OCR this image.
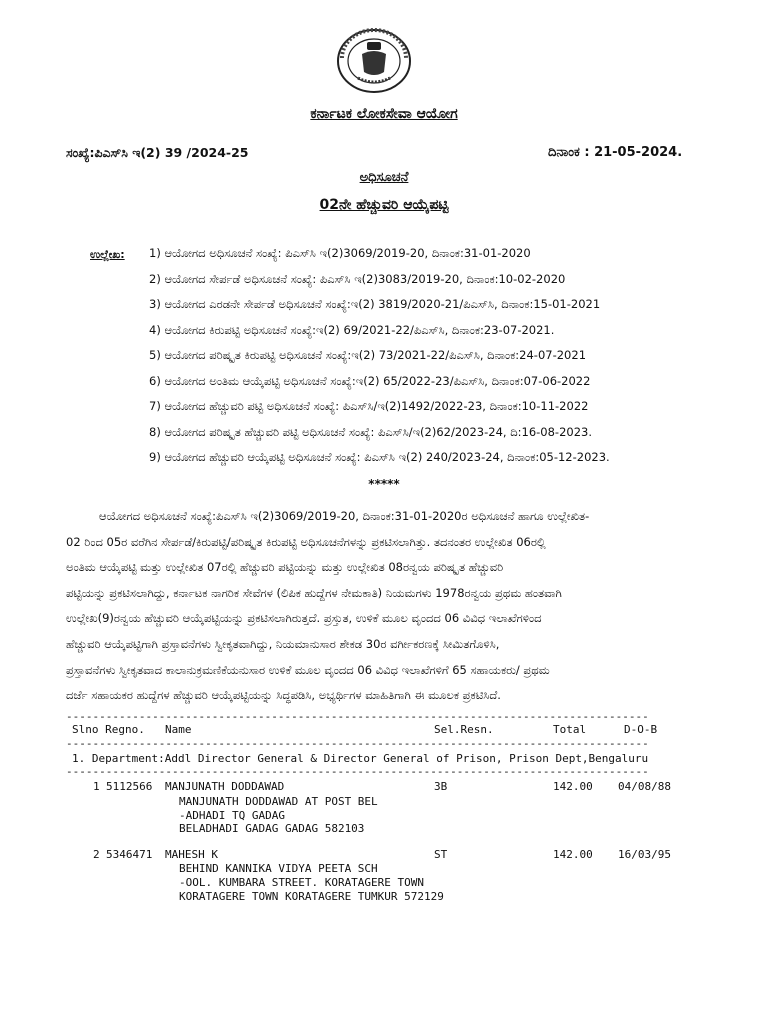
ಕರ್ನಾಟಕ ಲೋಕಸೇವಾ ಆಯೋಗ
ಸಂಖ್ಯೆ:ಪಿಎಸ್‌ಸಿ ಇ(2) 39 /2024-25	ದಿನಾಂಕ : 21-05-2024.
ಅಧಿಸೂಚನೆ
02ನೇ ಹೆಚ್ಚುವರಿ ಆಯ್ಕೆಪಟ್ಟಿ
ಉಲ್ಲೇಖ: 1) ಆಯೋಗದ ಅಧಿಸೂಚನೆ ಸಂಖ್ಯೆ: ಪಿಎಸ್‌ಸಿ ಇ(2)3069/2019-20, ದಿನಾಂಕ:31-01-2020
2) ಆಯೋಗದ ಸೇರ್ಪಡೆ ಅಧಿಸೂಚನೆ ಸಂಖ್ಯೆ: ಪಿಎಸ್‌ಸಿ ಇ(2)3083/2019-20, ದಿನಾಂಕ:10-02-2020
3) ಆಯೋಗದ ಎರಡನೇ ಸೇರ್ಪಡೆ ಅಧಿಸೂಚನೆ ಸಂಖ್ಯೆ:ಇ(2) 3819/2020-21/ಪಿಎಸ್‌ಸಿ, ದಿನಾಂಕ:15-01-2021
4) ಆಯೋಗದ ಕಿರುಪಟ್ಟಿ ಅಧಿಸೂಚನೆ ಸಂಖ್ಯೆ:ಇ(2) 69/2021-22/ಪಿಎಸ್‌ಸಿ, ದಿನಾಂಕ:23-07-2021.
5) ಆಯೋಗದ ಪರಿಷ್ಕೃತ ಕಿರುಪಟ್ಟಿ ಅಧಿಸೂಚನೆ ಸಂಖ್ಯೆ:ಇ(2) 73/2021-22/ಪಿಎಸ್‌ಸಿ, ದಿನಾಂಕ:24-07-2021
6) ಆಯೋಗದ ಅಂತಿಮ ಆಯ್ಕೆಪಟ್ಟಿ ಅಧಿಸೂಚನೆ ಸಂಖ್ಯೆ:ಇ(2) 65/2022-23/ಪಿಎಸ್‌ಸಿ, ದಿನಾಂಕ:07-06-2022
7) ಆಯೋಗದ ಹೆಚ್ಚುವರಿ ಪಟ್ಟಿ ಅಧಿಸೂಚನೆ ಸಂಖ್ಯೆ: ಪಿಎಸ್‌ಸಿ/ಇ(2)1492/2022-23, ದಿನಾಂಕ:10-11-2022
8) ಆಯೋಗದ ಪರಿಷ್ಕೃತ ಹೆಚ್ಚುವರಿ ಪಟ್ಟಿ ಅಧಿಸೂಚನೆ ಸಂಖ್ಯೆ: ಪಿಎಸ್‌ಸಿ/ಇ(2)62/2023-24, ದಿ:16-08-2023.
9) ಆಯೋಗದ ಹೆಚ್ಚುವರಿ ಆಯ್ಕೆಪಟ್ಟಿ ಅಧಿಸೂಚನೆ ಸಂಖ್ಯೆ: ಪಿಎಸ್‌ಸಿ ಇ(2) 240/2023-24, ದಿನಾಂಕ:05-12-2023.
*****
ಆಯೋಗದ ಅಧಿಸೂಚನೆ ಸಂಖ್ಯೆ:ಪಿಎಸ್‌ಸಿ ಇ(2)3069/2019-20, ದಿನಾಂಕ:31-01-2020ರ ಅಧಿಸೂಚನೆ ಹಾಗೂ ಉಲ್ಲೇಖಿತ-
02 ರಿಂದ 05ರ ವರೆಗಿನ ಸೇರ್ಪಡೆ/ಕಿರುಪಟ್ಟಿ/ಪರಿಷ್ಕೃತ ಕಿರುಪಟ್ಟಿ ಅಧಿಸೂಚನೆಗಳನ್ನು ಪ್ರಕಟಿಸಲಾಗಿತ್ತು. ತದನಂತರ ಉಲ್ಲೇಖಿತ 06ರಲ್ಲಿ
ಅಂತಿಮ ಆಯ್ಕೆಪಟ್ಟಿ ಮತ್ತು ಉಲ್ಲೇಖಿತ 07ರಲ್ಲಿ ಹೆಚ್ಚುವರಿ ಪಟ್ಟಿಯನ್ನು ಮತ್ತು ಉಲ್ಲೇಖಿತ 08ರನ್ವಯ ಪರಿಷ್ಕೃತ ಹೆಚ್ಚುವರಿ
ಪಟ್ಟಿಯನ್ನು ಪ್ರಕಟಿಸಲಾಗಿದ್ದು, ಕರ್ನಾಟಕ ನಾಗರಿಕ ಸೇವೆಗಳ (ಲಿಪಿಕ ಹುದ್ದೆಗಳ ನೇಮಕಾತಿ) ನಿಯಮಗಳು 1978ರನ್ವಯ ಪ್ರಥಮ ಹಂತವಾಗಿ
ಉಲ್ಲೇಖ(9)ರನ್ವಯ ಹೆಚ್ಚುವರಿ ಆಯ್ಕೆಪಟ್ಟಿಯನ್ನು ಪ್ರಕಟಿಸಲಾಗಿರುತ್ತದೆ. ಪ್ರಸ್ತುತ, ಉಳಿಕೆ ಮೂಲ ವೃಂದದ 06 ವಿವಿಧ ಇಲಾಖೆಗಳಿಂದ
ಹೆಚ್ಚುವರಿ ಆಯ್ಕೆಪಟ್ಟಿಗಾಗಿ ಪ್ರಸ್ತಾವನೆಗಳು ಸ್ವೀಕೃತವಾಗಿದ್ದು, ನಿಯಮಾನುಸಾರ ಶೇಕಡ 30ರ ವರ್ಗೀಕರಣಕ್ಕೆ ಸೀಮಿತಗೊಳಿಸಿ,
ಪ್ರಸ್ತಾವನೆಗಳು ಸ್ವೀಕೃತವಾದ ಕಾಲಾನುಕ್ರಮಣಿಕೆಯನುಸಾರ ಉಳಿಕೆ ಮೂಲ ವೃಂದದ 06 ವಿವಿಧ ಇಲಾಖೆಗಳಿಗೆ 65 ಸಹಾಯಕರು/ ಪ್ರಥಮ
ದರ್ಜೆ ಸಹಾಯಕರ ಹುದ್ದೆಗಳ ಹೆಚ್ಚುವರಿ ಆಯ್ಕೆಪಟ್ಟಿಯನ್ನು ಸಿದ್ಧಪಡಿಸಿ, ಅಭ್ಯರ್ಥಿಗಳ ಮಾಹಿತಿಗಾಗಿ ಈ ಮೂಲಕ ಪ್ರಕಟಿಸಿದೆ.
----------------------------------------------------------------------------------------
Slno Regno. Name	Sel.Resn.	Total	D-O-B
----------------------------------------------------------------------------------------
1. Department:Addl Director General & Director General of Prison, Prison Dept,Bengaluru
----------------------------------------------------------------------------------------
1 5112566 MANJUNATH DODDAWAD	3B	142.00 04/08/88
MANJUNATH DODDAWAD AT POST BEL
-ADHADI TQ GADAG
BELADHADI GADAG GADAG 582103
2 5346471 MAHESH K	ST	142.00 16/03/95
BEHIND KANNIKA VIDYA PEETA SCH
-OOL. KUMBARA STREET. KORATAGERE TOWN
KORATAGERE TOWN KORATAGERE TUMKUR 572129
